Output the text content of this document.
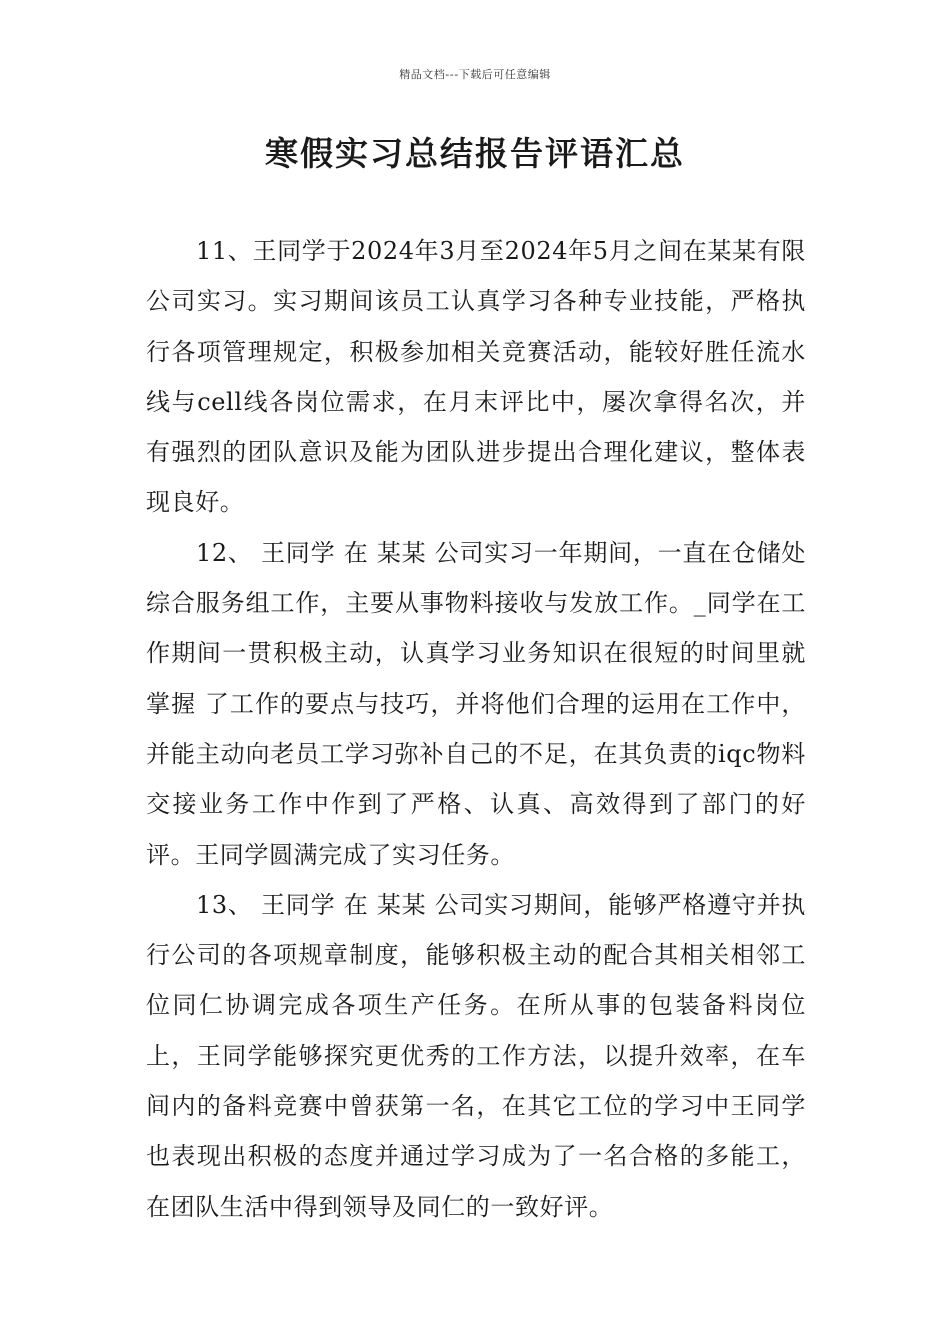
精品文档---下载后可任意编辑
寒假实习总结报告评语汇总

11、王同学于2024年3月至2024年5月之间在某某有限公司实习。实习期间该员工认真学习各种专业技能，严格执行各项管理规定，积极参加相关竞赛活动，能较好胜任流水线与cell线各岗位需求，在月末评比中，屡次拿得名次，并有强烈的团队意识及能为团队进步提出合理化建议，整体表现良好。

12、 王同学 在 某某 公司实习一年期间，一直在仓储处综合服务组工作，主要从事物料接收与发放工作。_同学在工作期间一贯积极主动，认真学习业务知识在很短的时间里就掌握 了工作的要点与技巧，并将他们合理的运用在工作中，并能主动向老员工学习弥补自己的不足，在其负责的iqc物料交接业务工作中作到了严格、认真、高效得到了部门的好评。王同学圆满完成了实习任务。

13、 王同学 在 某某 公司实习期间，能够严格遵守并执行公司的各项规章制度，能够积极主动的配合其相关相邻工位同仁协调完成各项生产任务。在所从事的包装备料岗位上，王同学能够探究更优秀的工作方法，以提升效率，在车间内的备料竞赛中曾获第一名，在其它工位的学习中王同学也表现出积极的态度并通过学习成为了一名合格的多能工，在团队生活中得到领导及同仁的一致好评。
